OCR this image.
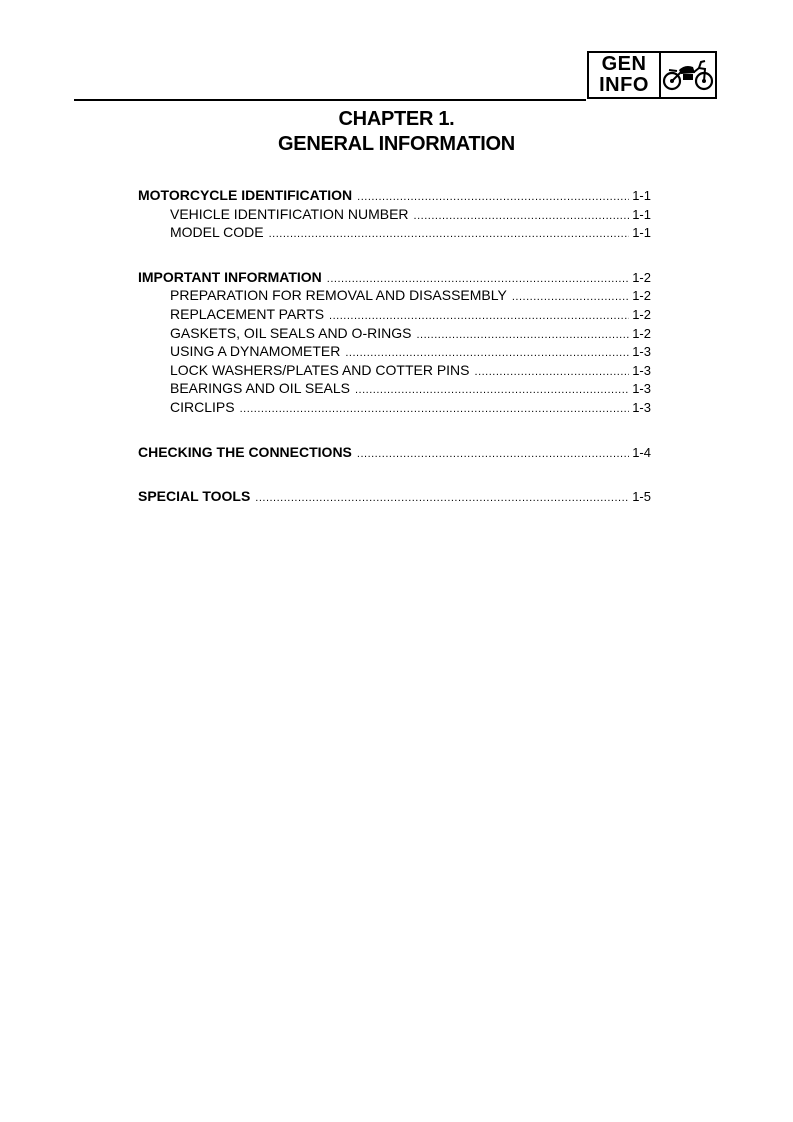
GEN
INFO
CHAPTER 1.
GENERAL INFORMATION
MOTORCYCLE IDENTIFICATION .....	1-1
VEHICLE IDENTIFICATION NUMBER .....	1-1
MODEL CODE .....	1-1
IMPORTANT INFORMATION .....	1-2
PREPARATION FOR REMOVAL AND DISASSEMBLY .....	1-2
REPLACEMENT PARTS .....	1-2
GASKETS, OIL SEALS AND O-RINGS .....	1-2
USING A DYNAMOMETER .....	1-3
LOCK WASHERS/PLATES AND COTTER PINS .....	1-3
BEARINGS AND OIL SEALS .....	1-3
CIRCLIPS .....	1-3
CHECKING THE CONNECTIONS .....	1-4
SPECIAL TOOLS .....	1-5
